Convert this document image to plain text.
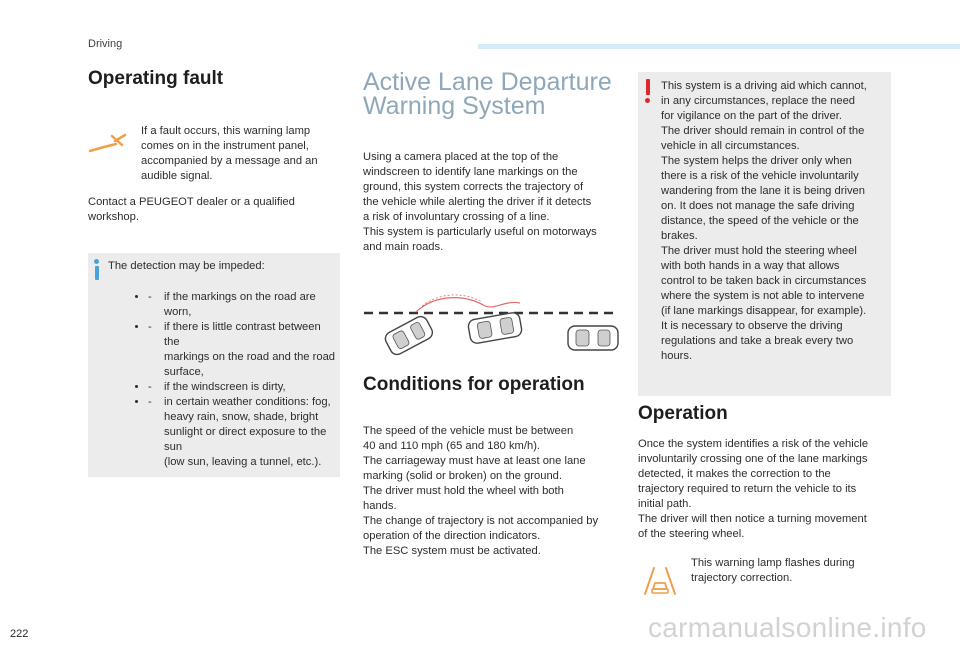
Driving
Operating fault
If a fault occurs, this warning lamp
comes on in the instrument panel,
accompanied by a message and an
audible signal.
Contact a PEUGEOT dealer or a qualified
workshop.
The detection may be impeded:
• - if the markings on the road are worn,
• - if there is little contrast between the
markings on the road and the road
surface,
• - if the windscreen is dirty,
• - in certain weather conditions: fog,
heavy rain, snow, shade, bright
sunlight or direct exposure to the sun
(low sun, leaving a tunnel, etc.).
Active Lane Departure
Warning System
Using a camera placed at the top of the
windscreen to identify lane markings on the
ground, this system corrects the trajectory of
the vehicle while alerting the driver if it detects
a risk of involuntary crossing of a line.
This system is particularly useful on motorways
and main roads.
Conditions for operation
The speed of the vehicle must be between
40 and 110 mph (65 and 180 km/h).
The carriageway must have at least one lane
marking (solid or broken) on the ground.
The driver must hold the wheel with both
hands.
The change of trajectory is not accompanied by
operation of the direction indicators.
The ESC system must be activated.
This system is a driving aid which cannot,
in any circumstances, replace the need
for vigilance on the part of the driver.
The driver should remain in control of the
vehicle in all circumstances.
The system helps the driver only when
there is a risk of the vehicle involuntarily
wandering from the lane it is being driven
on. It does not manage the safe driving
distance, the speed of the vehicle or the
brakes.
The driver must hold the steering wheel
with both hands in a way that allows
control to be taken back in circumstances
where the system is not able to intervene
(if lane markings disappear, for example).
It is necessary to observe the driving
regulations and take a break every two
hours.
Operation
Once the system identifies a risk of the vehicle
involuntarily crossing one of the lane markings
detected, it makes the correction to the
trajectory required to return the vehicle to its
initial path.
The driver will then notice a turning movement
of the steering wheel.
This warning lamp flashes during
trajectory correction.
222	carmanualsonline.info
